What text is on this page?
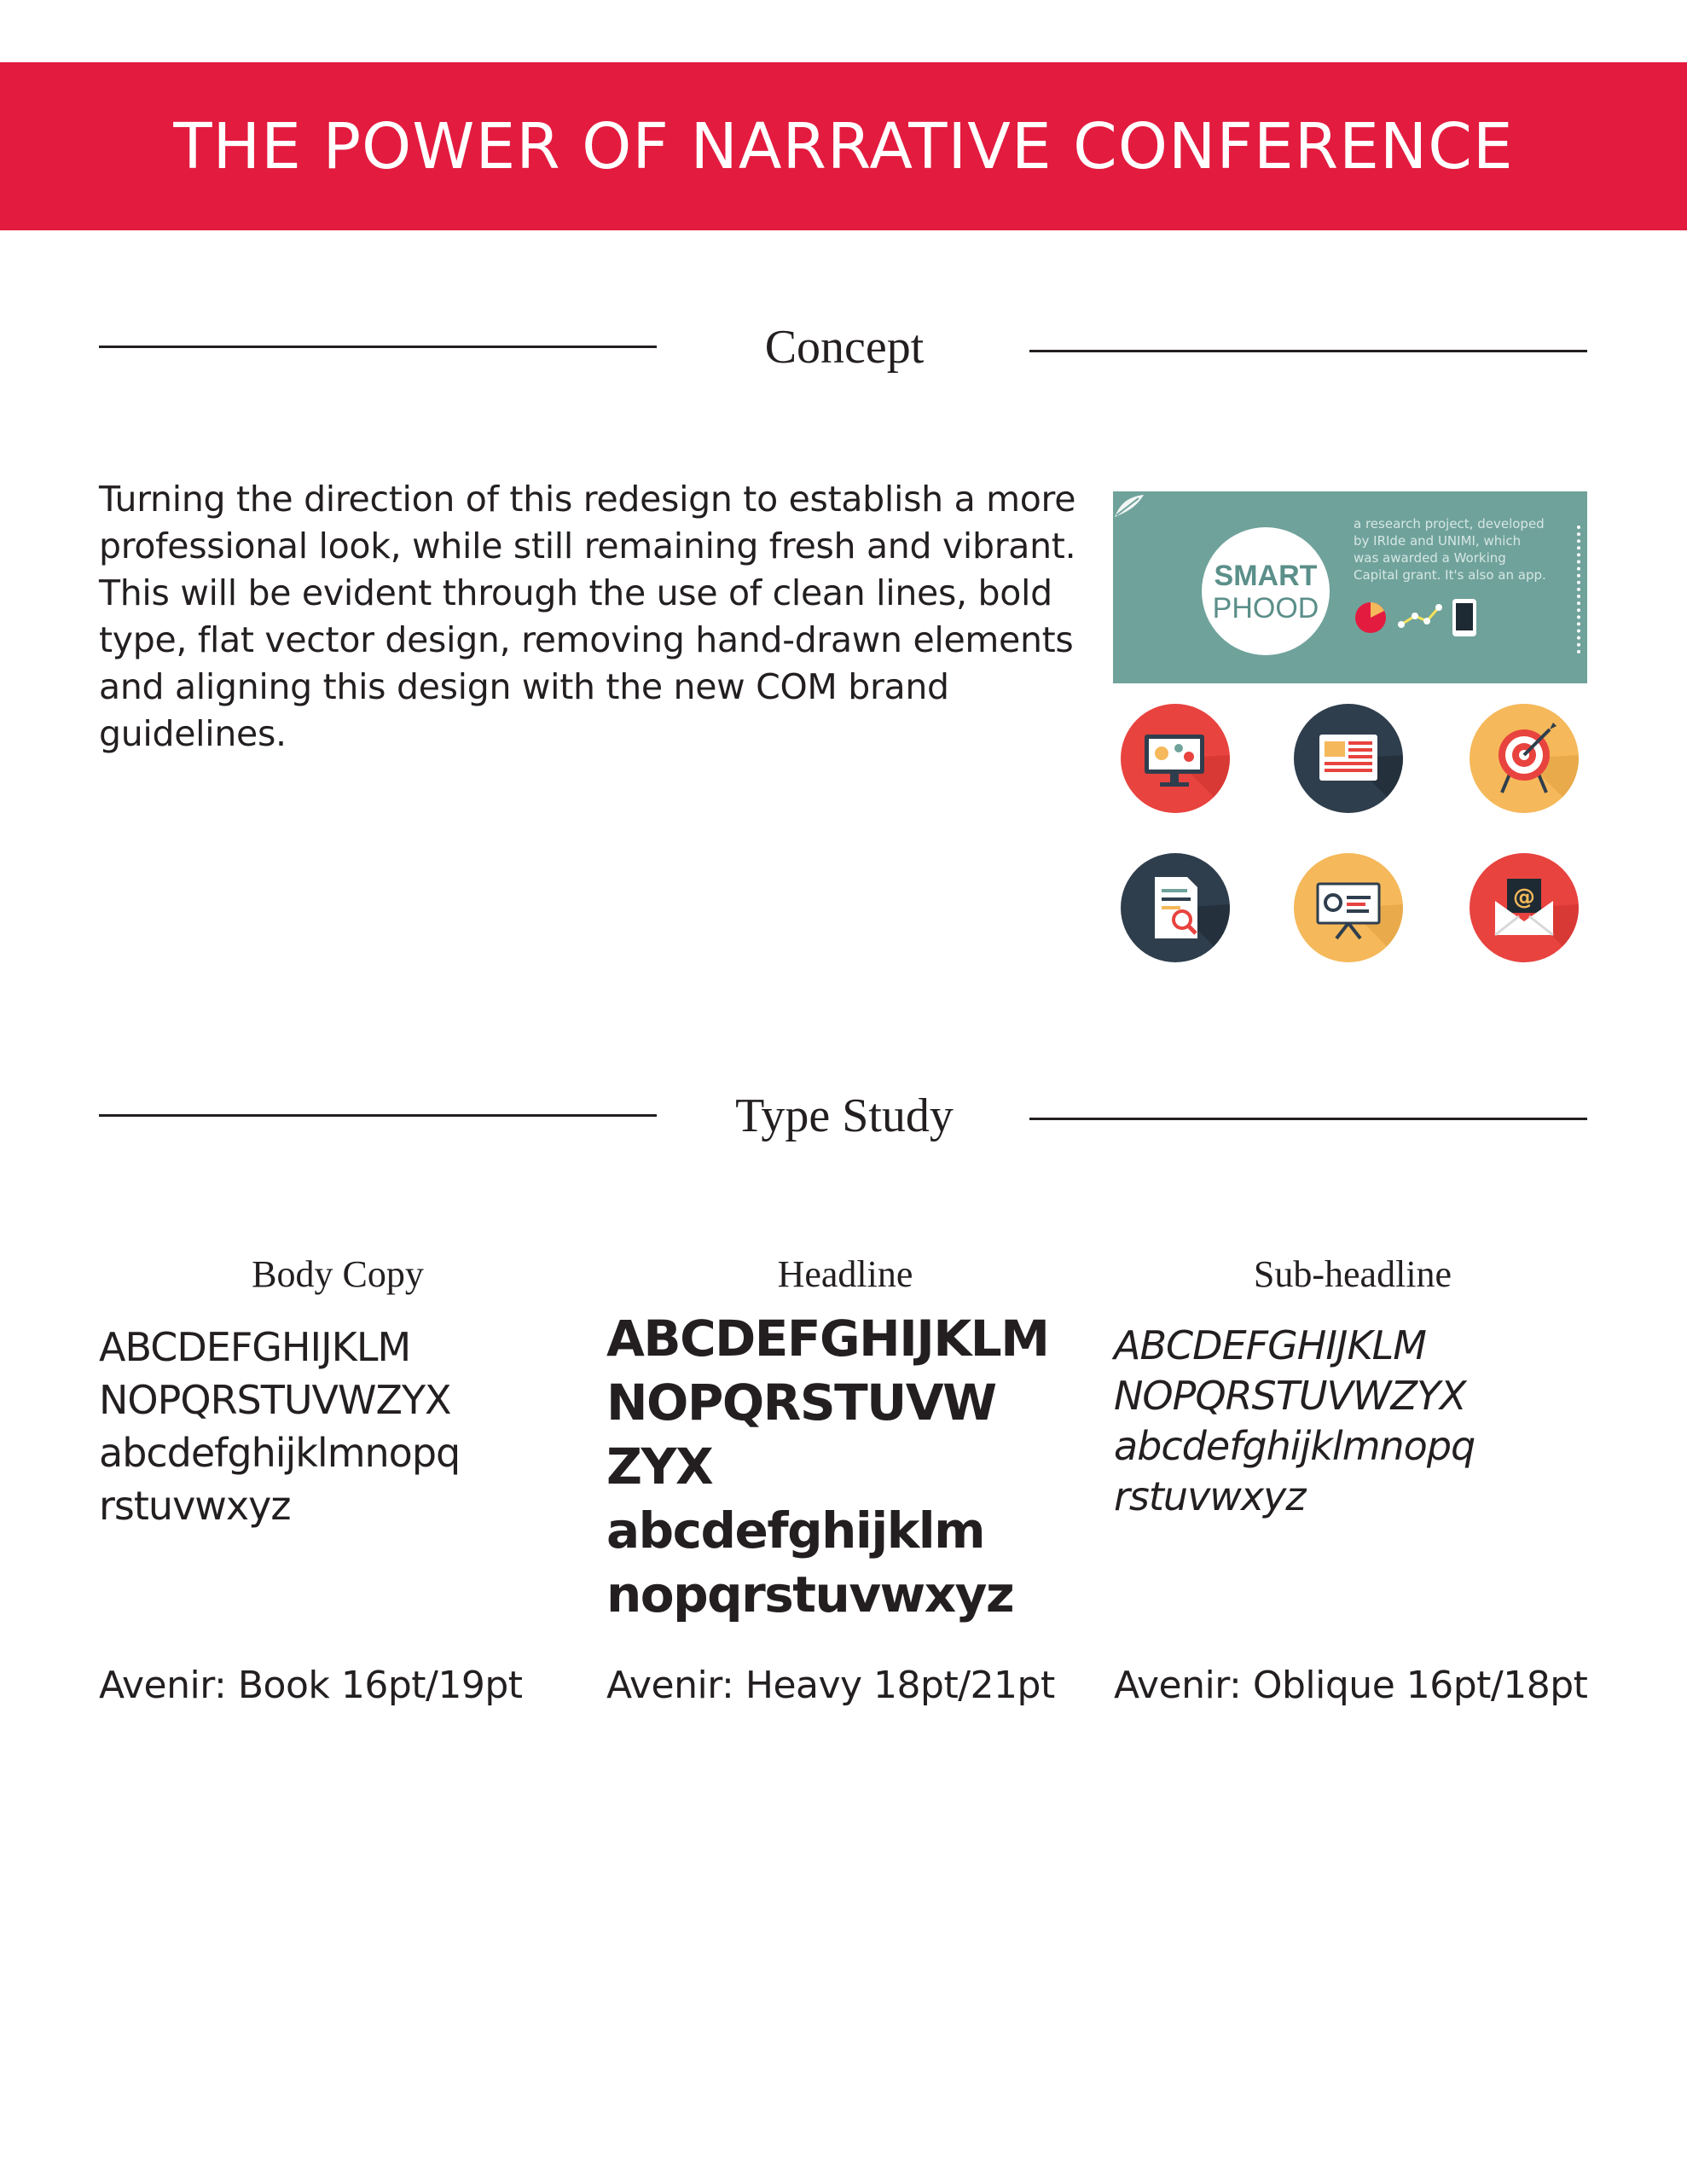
THE POWER OF NARRATIVE CONFERENCE
Concept
Turning the direction of this redesign to establish a more
professional look, while still remaining fresh and vibrant.
This will be evident through the use of clean lines, bold
type, flat vector design, removing hand-drawn elements
and aligning this design with the new COM brand
guidelines.
SMART
PHOOD
a research project, developed
by IRIde and UNIMI, which
was awarded a Working
Capital grant. It's also an app.
@
Type Study
Body Copy	Headline	Sub-headline
ABCDEFGHIJKLM
NOPQRSTUVWZYX
abcdefghijklmnopq
rstuvwxyz
ABCDEFGHIJKLM
NOPQRSTUVW
ZYX
abcdefghijklm
nopqrstuvwxyz
ABCDEFGHIJKLM
NOPQRSTUVWZYX
abcdefghijklmnopq
rstuvwxyz
Avenir: Book 16pt/19pt Avenir: Heavy 18pt/21pt Avenir: Oblique 16pt/18pt
